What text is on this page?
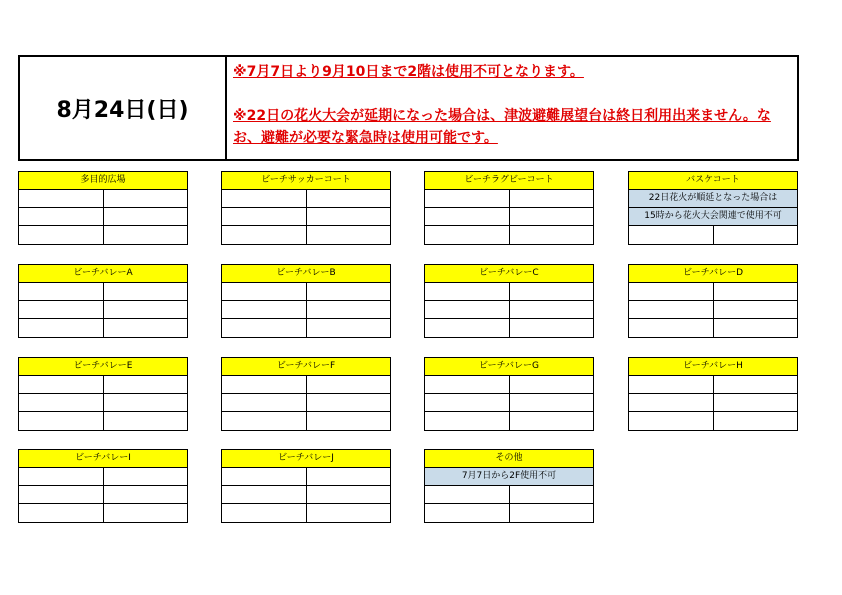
8月24日(日)
※7月7日より9月10日まで2階は使用不可となります。
※22日の花火大会が延期になった場合は、津波避難展望台は終日利用出来ません。なお、避難が必要な緊急時は使用可能です。
多目的広場	ビーチサッカーコート	ビーチラグビーコート	バスケコート
22日花火が順延となった場合は
15時から花火大会関連で使用不可
ビーチバレーA	ビーチバレーB	ビーチバレーC	ビーチバレーD
ビーチバレーE	ビーチバレーF	ビーチバレーG	ビーチバレーH
ビーチバレーI	ビーチバレーJ	その他
7月7日から2F使用不可
